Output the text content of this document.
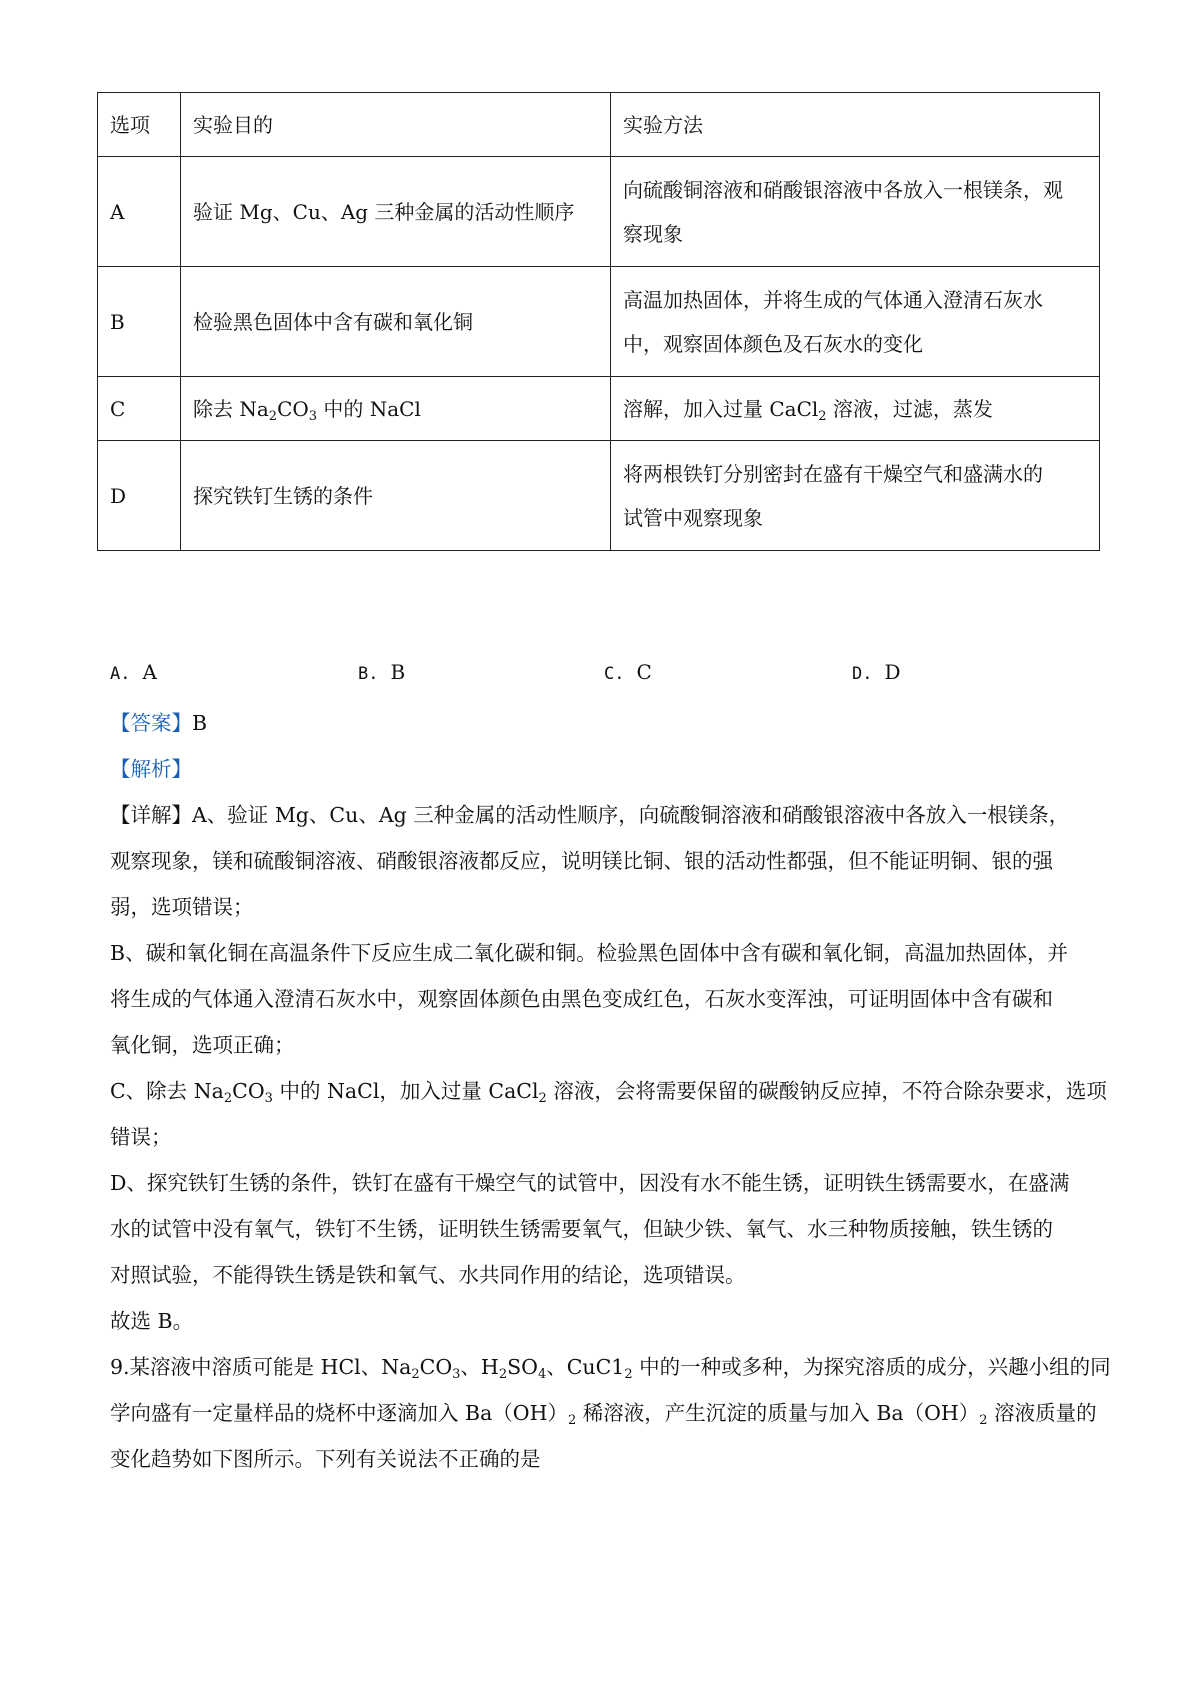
选项	实验目的	实验方法
A	验证 Mg、Cu、Ag 三种金属的活动性顺序	向硫酸铜溶液和硝酸银溶液中各放入一根镁条，观
察现象

B	检验黑色固体中含有碳和氧化铜	高温加热固体，并将生成的气体通入澄清石灰水
中，观察固体颜色及石灰水的变化

C	除去 $Na_2CO_3$ 中的 NaCl	溶解，加入过量 CaCl$_2$ 溶液，过滤，蒸发
D	探究铁钉生锈的条件	将两根铁钉分别密封在盛有干燥空气和盛满水的
试管中观察现象
A. A	B. B	C. C	D. D
【答案】B
【解析】
【详解】A、验证 Mg、Cu、Ag 三种金属的活动性顺序，向硫酸铜溶液和硝酸银溶液中各放入一根镁条，
观察现象，镁和硫酸铜溶液、硝酸银溶液都反应，说明镁比铜、银的活动性都强，但不能证明铜、银的强
弱，选项错误；
B、碳和氧化铜在高温条件下反应生成二氧化碳和铜。检验黑色固体中含有碳和氧化铜，高温加热固体，并
将生成的气体通入澄清石灰水中，观察固体颜色由黑色变成红色，石灰水变浑浊，可证明固体中含有碳和
氧化铜，选项正确；
C、除去 $Na_2CO_3$ 中的 NaCl，加入过量 CaCl$_2$ 溶液，会将需要保留的碳酸钠反应掉，不符合除杂要求，选项
错误；
D、探究铁钉生锈的条件，铁钉在盛有干燥空气的试管中，因没有水不能生锈，证明铁生锈需要水，在盛满
水的试管中没有氧气，铁钉不生锈，证明铁生锈需要氧气，但缺少铁、氧气、水三种物质接触，铁生锈的
对照试验，不能得铁生锈是铁和氧气、水共同作用的结论，选项错误。
故选 B。
9.某溶液中溶质可能是 HCl、$Na_2CO_3$、$H_2SO_4$、$CuC1_2$ 中的一种或多种，为探究溶质的成分，兴趣小组的同
学向盛有一定量样品的烧杯中逐滴加入 $Ba(OH)_2$ 稀溶液，产生沉淀的质量与加入 $Ba(OH)_2$ 溶液质量的
变化趋势如下图所示。下列有关说法不正确的是
